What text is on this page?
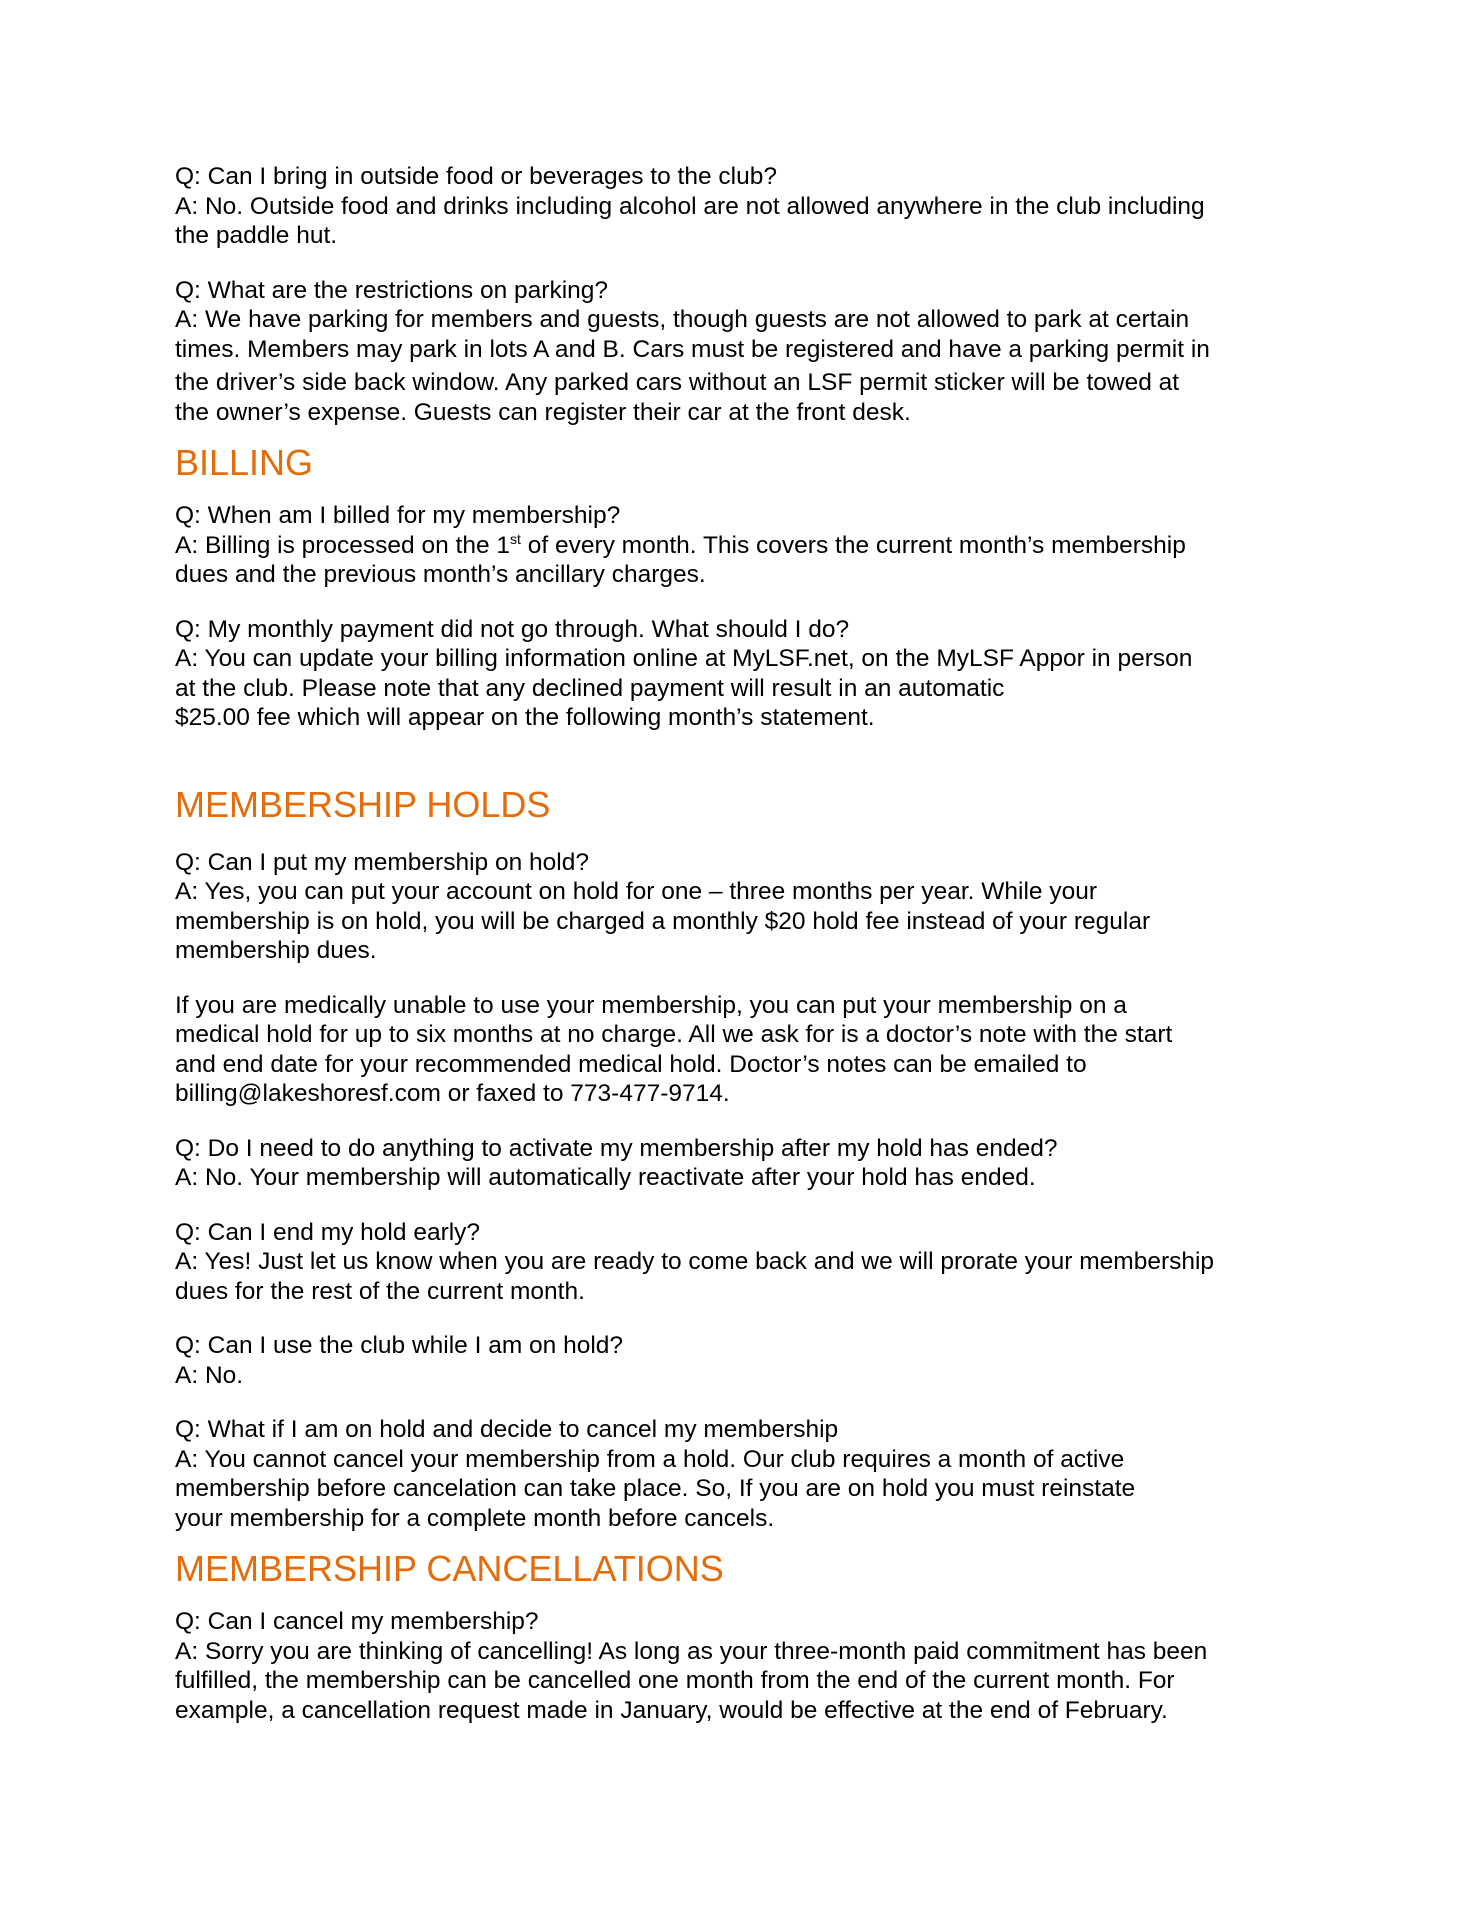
Q: Can I bring in outside food or beverages to the club?
A: No. Outside food and drinks including alcohol are not allowed anywhere in the club including
the paddle hut.
Q: What are the restrictions on parking?
A: We have parking for members and guests, though guests are not allowed to park at certain
times. Members may park in lots A and B. Cars must be registered and have a parking permit in
the driver’s side back window. Any parked cars without an LSF permit sticker will be towed at
the owner’s expense. Guests can register their car at the front desk.
BILLING
Q: When am I billed for my membership?
A: Billing is processed on the 1st of every month. This covers the current month’s membership
dues and the previous month’s ancillary charges.
Q: My monthly payment did not go through. What should I do?
A: You can update your billing information online at MyLSF.net, on the MyLSF Appor in person
at the club. Please note that any declined payment will result in an automatic
$25.00 fee which will appear on the following month’s statement.
MEMBERSHIP HOLDS
Q: Can I put my membership on hold?
A: Yes, you can put your account on hold for one – three months per year. While your
membership is on hold, you will be charged a monthly $20 hold fee instead of your regular
membership dues.
If you are medically unable to use your membership, you can put your membership on a
medical hold for up to six months at no charge. All we ask for is a doctor’s note with the start
and end date for your recommended medical hold. Doctor’s notes can be emailed to
billing@lakeshoresf.com or faxed to 773-477-9714.
Q: Do I need to do anything to activate my membership after my hold has ended?
A: No. Your membership will automatically reactivate after your hold has ended.
Q: Can I end my hold early?
A: Yes! Just let us know when you are ready to come back and we will prorate your membership
dues for the rest of the current month.
Q: Can I use the club while I am on hold?
A: No.
Q: What if I am on hold and decide to cancel my membership
A: You cannot cancel your membership from a hold. Our club requires a month of active
membership before cancelation can take place. So, If you are on hold you must reinstate
your membership for a complete month before cancels.
MEMBERSHIP CANCELLATIONS
Q: Can I cancel my membership?
A: Sorry you are thinking of cancelling! As long as your three-month paid commitment has been
fulfilled, the membership can be cancelled one month from the end of the current month. For
example, a cancellation request made in January, would be effective at the end of February.
